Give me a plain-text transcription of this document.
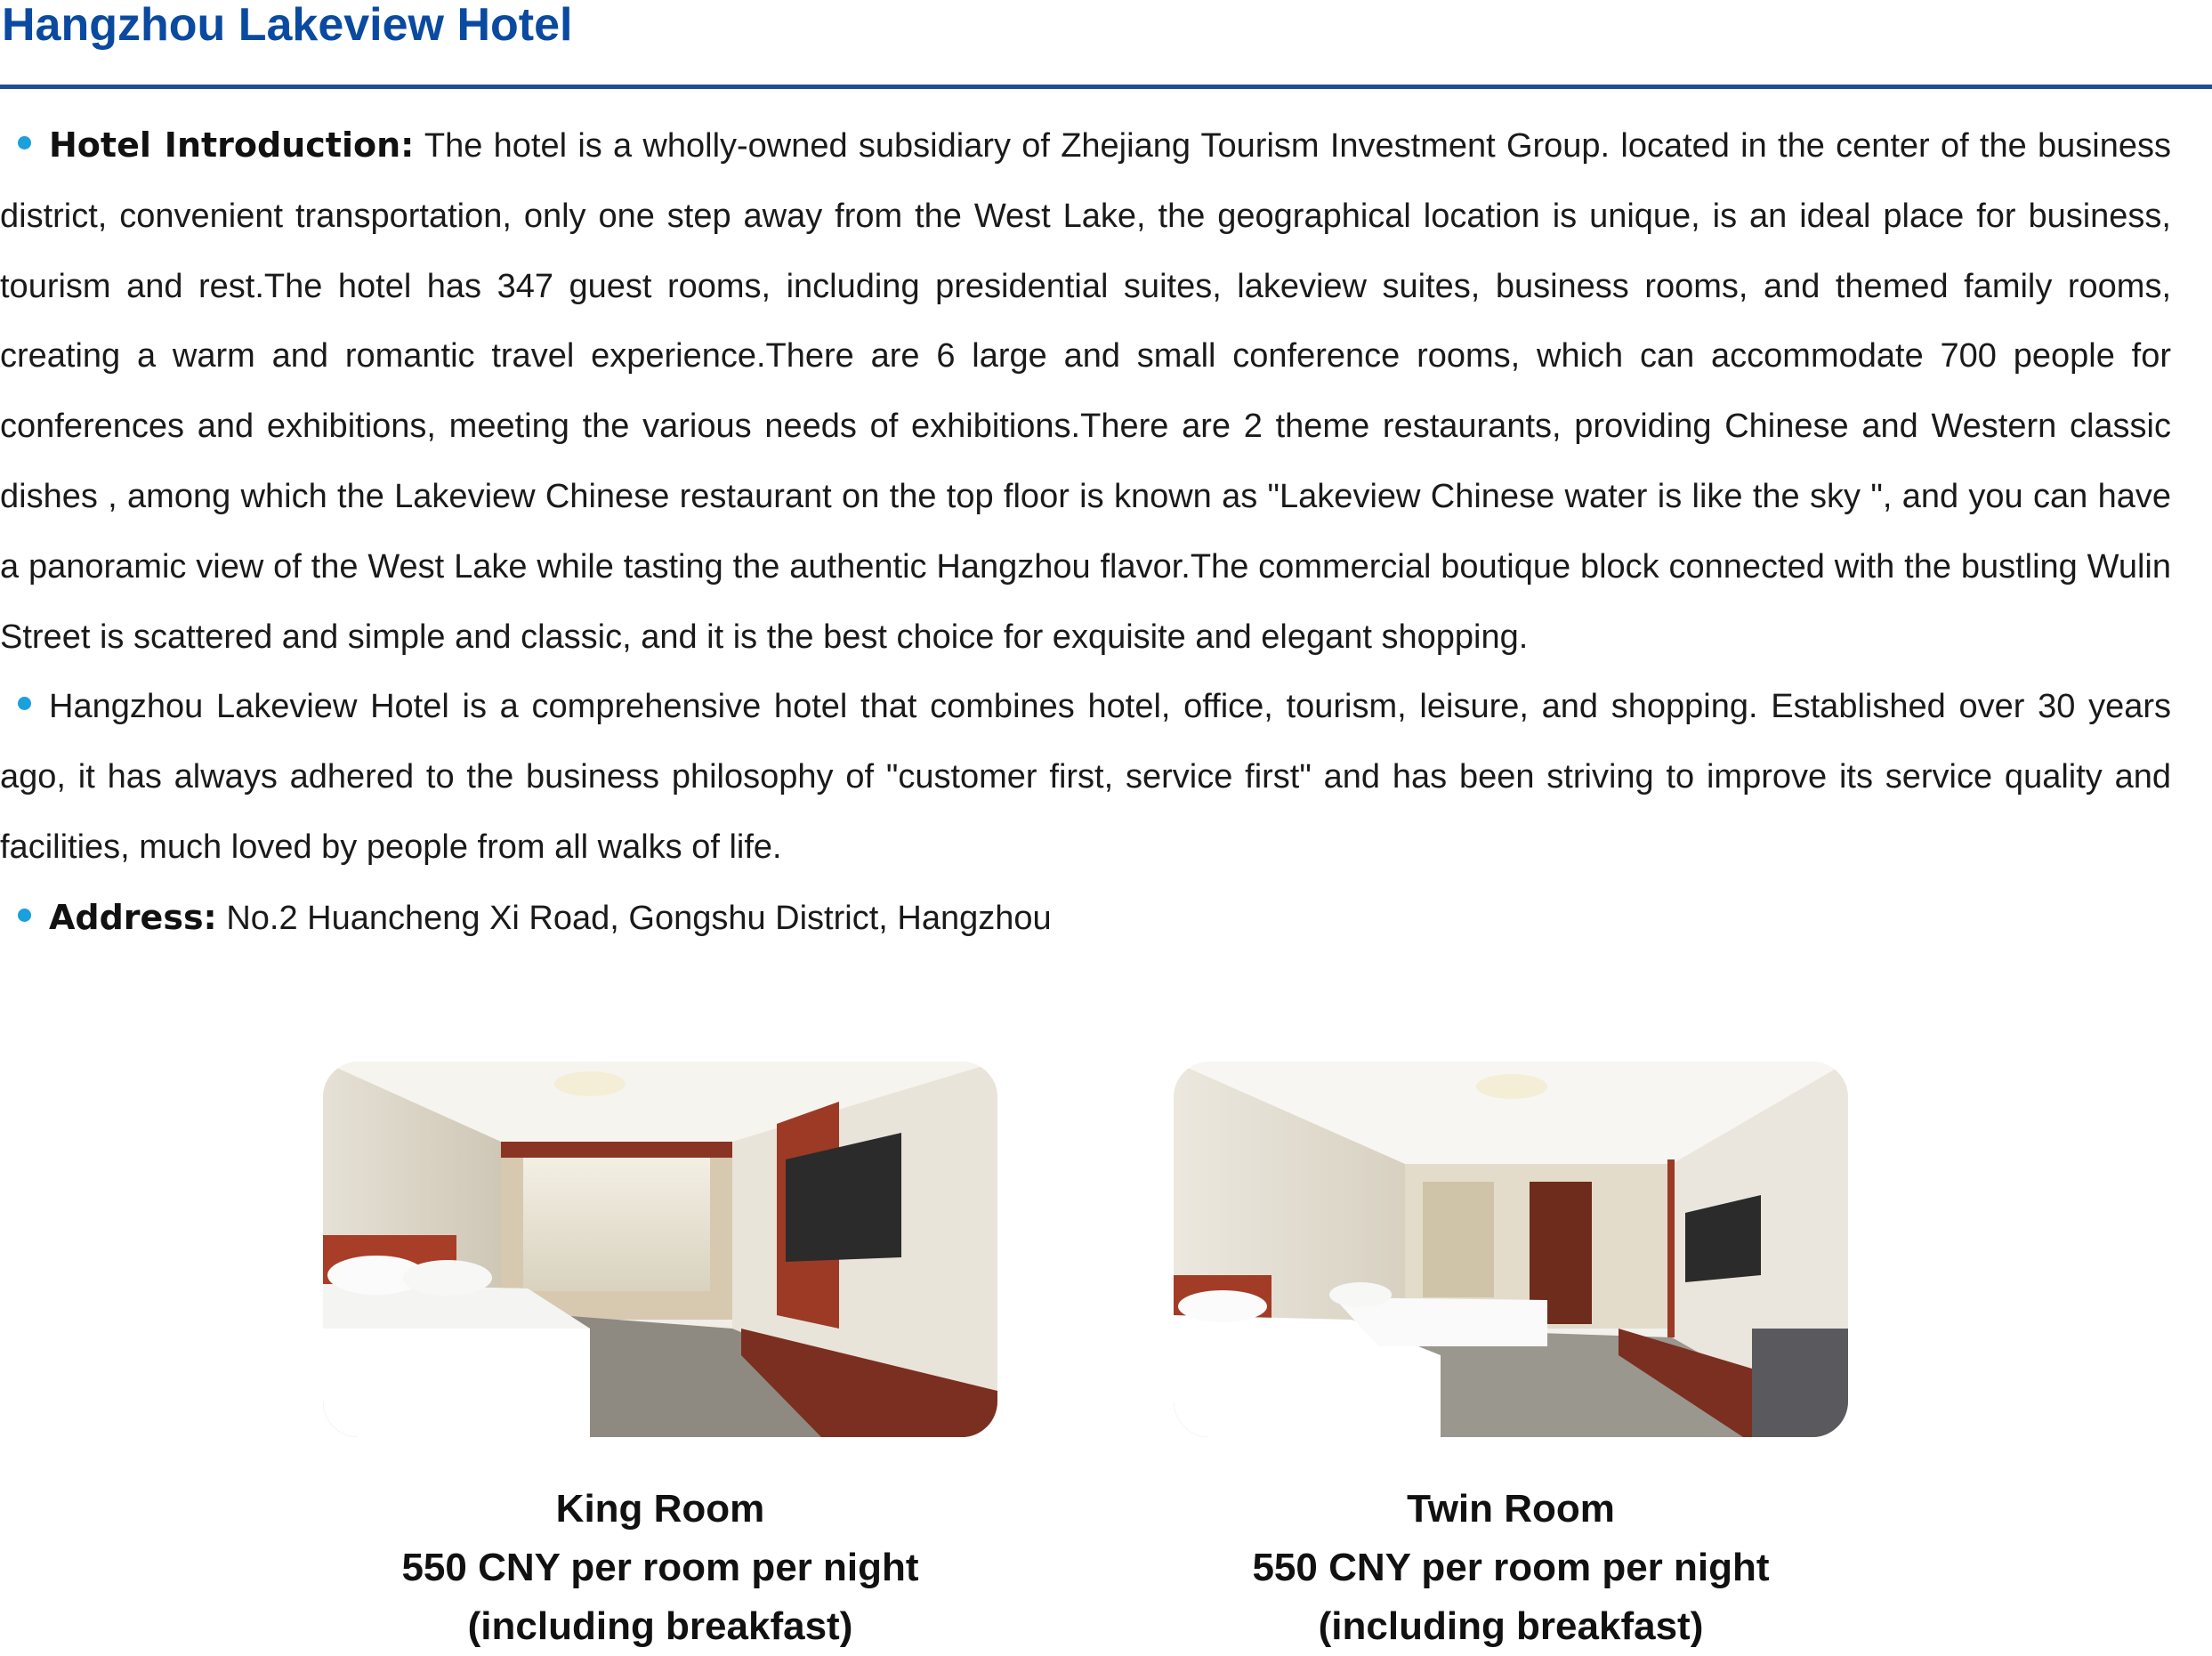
Hangzhou Lakeview Hotel

Hotel Introduction: The hotel is a wholly-owned subsidiary of Zhejiang Tourism Investment Group. located in the center of the business district, convenient transportation, only one step away from the West Lake, the geographical location is unique, is an ideal place for business, tourism and rest.The hotel has 347 guest rooms, including presidential suites, lakeview suites, business rooms, and themed family rooms, creating a warm and romantic travel experience.There are 6 large and small conference rooms, which can accommodate 700 people for conferences and exhibitions, meeting the various needs of exhibitions.There are 2 theme restaurants, providing Chinese and Western classic dishes , among which the Lakeview Chinese restaurant on the top floor is known as "Lakeview Chinese water is like the sky ", and you can have a panoramic view of the West Lake while tasting the authentic Hangzhou flavor.The commercial boutique block connected with the bustling Wulin Street is scattered and simple and classic, and it is the best choice for exquisite and elegant shopping.

Hangzhou Lakeview Hotel is a comprehensive hotel that combines hotel, office, tourism, leisure, and shopping. Established over 30 years ago, it has always adhered to the business philosophy of "customer first, service first" and has been striving to improve its service quality and facilities, much loved by people from all walks of life.

Address: No.2 Huancheng Xi Road, Gongshu District, Hangzhou

King Room
550 CNY per room per night
(including breakfast)
Twin Room
550 CNY per room per night
(including breakfast)
